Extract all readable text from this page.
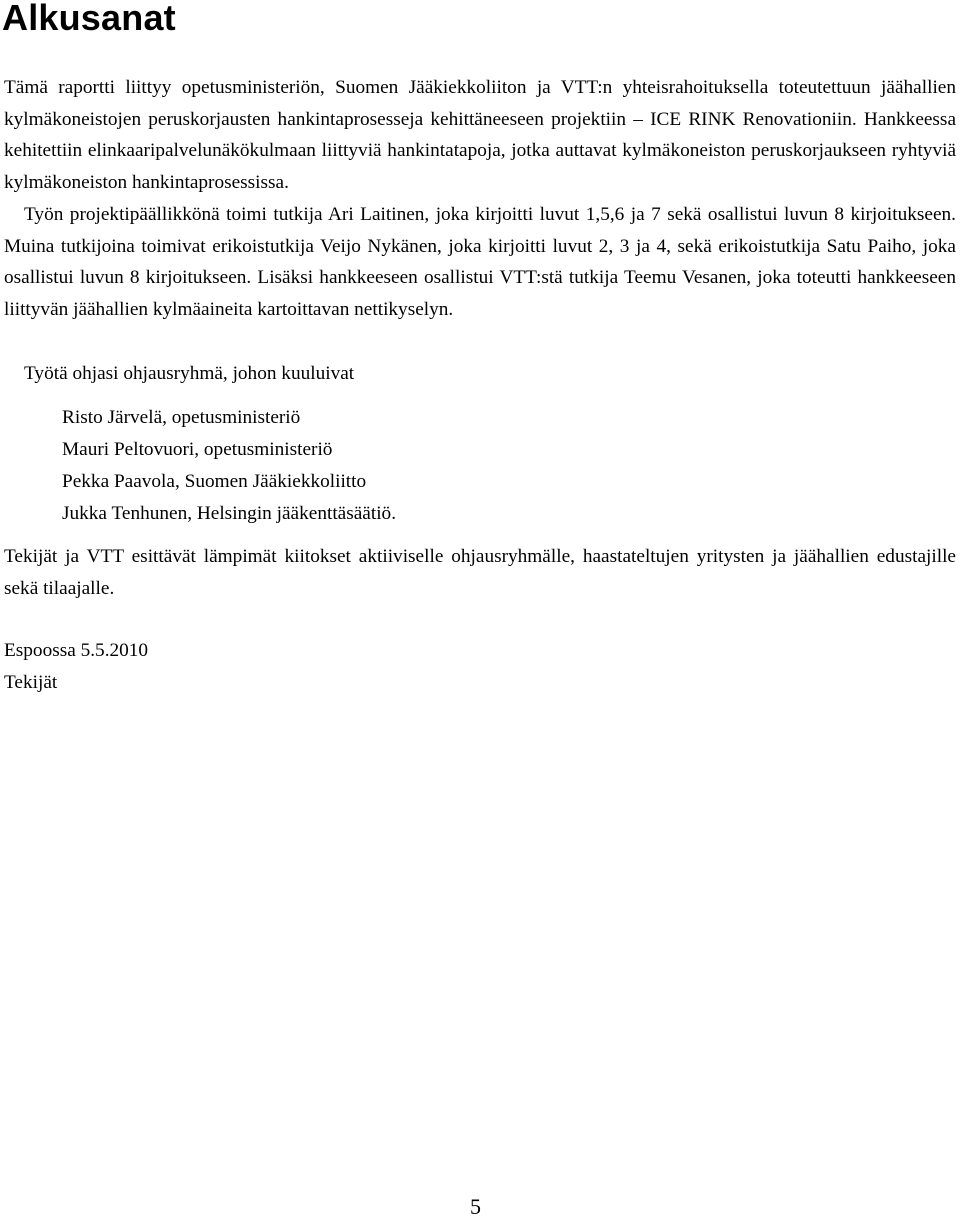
Alkusanat

Tämä raportti liittyy opetusministeriön, Suomen Jääkiekkoliiton ja VTT:n yhteisrahoituksella toteutettuun jäähallien kylmäkoneistojen peruskorjausten hankintaprosesseja kehittäneeseen projektiin – ICE RINK Renovationiin. Hankkeessa kehitettiin elinkaaripalvelunäkökulmaan liittyviä hankintatapoja, jotka auttavat kylmäkoneiston peruskorjaukseen ryhtyviä kylmäkoneiston hankintaprosessissa.

Työn projektipäällikkönä toimi tutkija Ari Laitinen, joka kirjoitti luvut 1,5,6 ja 7 sekä osallistui luvun 8 kirjoitukseen. Muina tutkijoina toimivat erikoistutkija Veijo Nykänen, joka kirjoitti luvut 2, 3 ja 4, sekä erikoistutkija Satu Paiho, joka osallistui luvun 8 kirjoitukseen. Lisäksi hankkeeseen osallistui VTT:stä tutkija Teemu Vesanen, joka toteutti hankkeeseen liittyvän jäähallien kylmäaineita kartoittavan nettikyselyn.

Työtä ohjasi ohjausryhmä, johon kuuluivat

Risto Järvelä, opetusministeriö
Mauri Peltovuori, opetusministeriö
Pekka Paavola, Suomen Jääkiekkoliitto
Jukka Tenhunen, Helsingin jääkenttäsäätiö.

Tekijät ja VTT esittävät lämpimät kiitokset aktiiviselle ohjausryhmälle, haastateltujen yritysten ja jäähallien edustajille sekä tilaajalle.

Espoossa 5.5.2010
Tekijät
5
